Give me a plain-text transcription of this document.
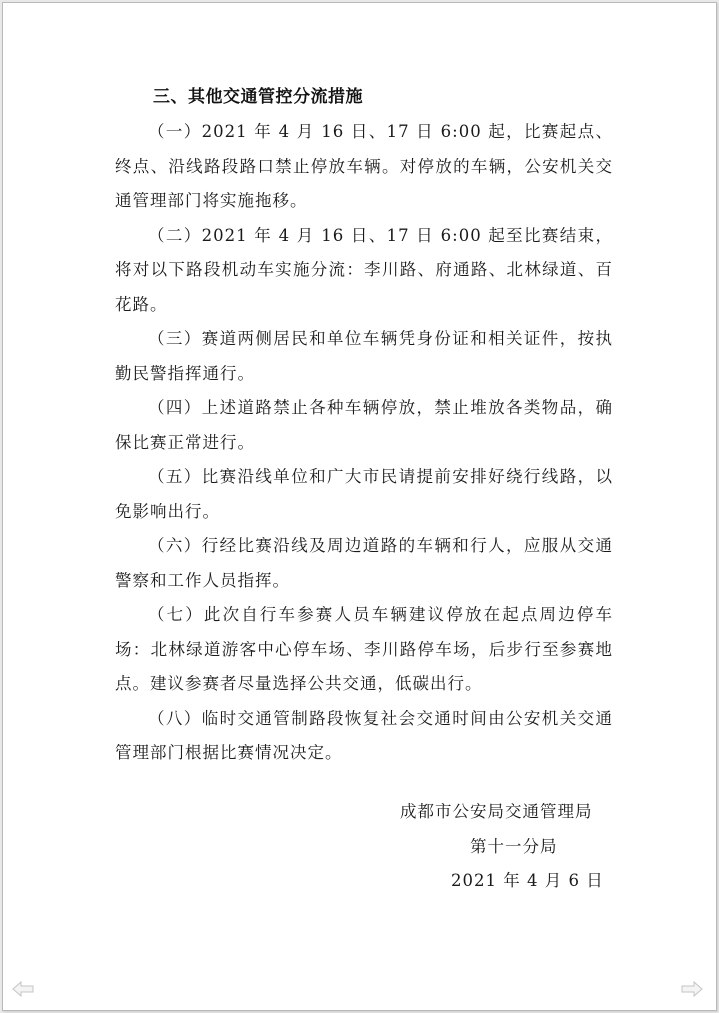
三、其他交通管控分流措施

（一）2021 年 4 月 16 日、17 日 6:00 起，比赛起点、终点、沿线路段路口禁止停放车辆。对停放的车辆，公安机关交通管理部门将实施拖移。

（二）2021 年 4 月 16 日、17 日 6:00 起至比赛结束，将对以下路段机动车实施分流：李川路、府通路、北林绿道、百花路。

（三）赛道两侧居民和单位车辆凭身份证和相关证件，按执勤民警指挥通行。

（四）上述道路禁止各种车辆停放，禁止堆放各类物品，确保比赛正常进行。

（五）比赛沿线单位和广大市民请提前安排好绕行线路，以免影响出行。

（六）行经比赛沿线及周边道路的车辆和行人，应服从交通警察和工作人员指挥。

（七）此次自行车参赛人员车辆建议停放在起点周边停车场：北林绿道游客中心停车场、李川路停车场，后步行至参赛地点。建议参赛者尽量选择公共交通，低碳出行。

（八）临时交通管制路段恢复社会交通时间由公安机关交通管理部门根据比赛情况决定。

成都市公安局交通管理局
第十一分局
2021 年 4 月 6 日
